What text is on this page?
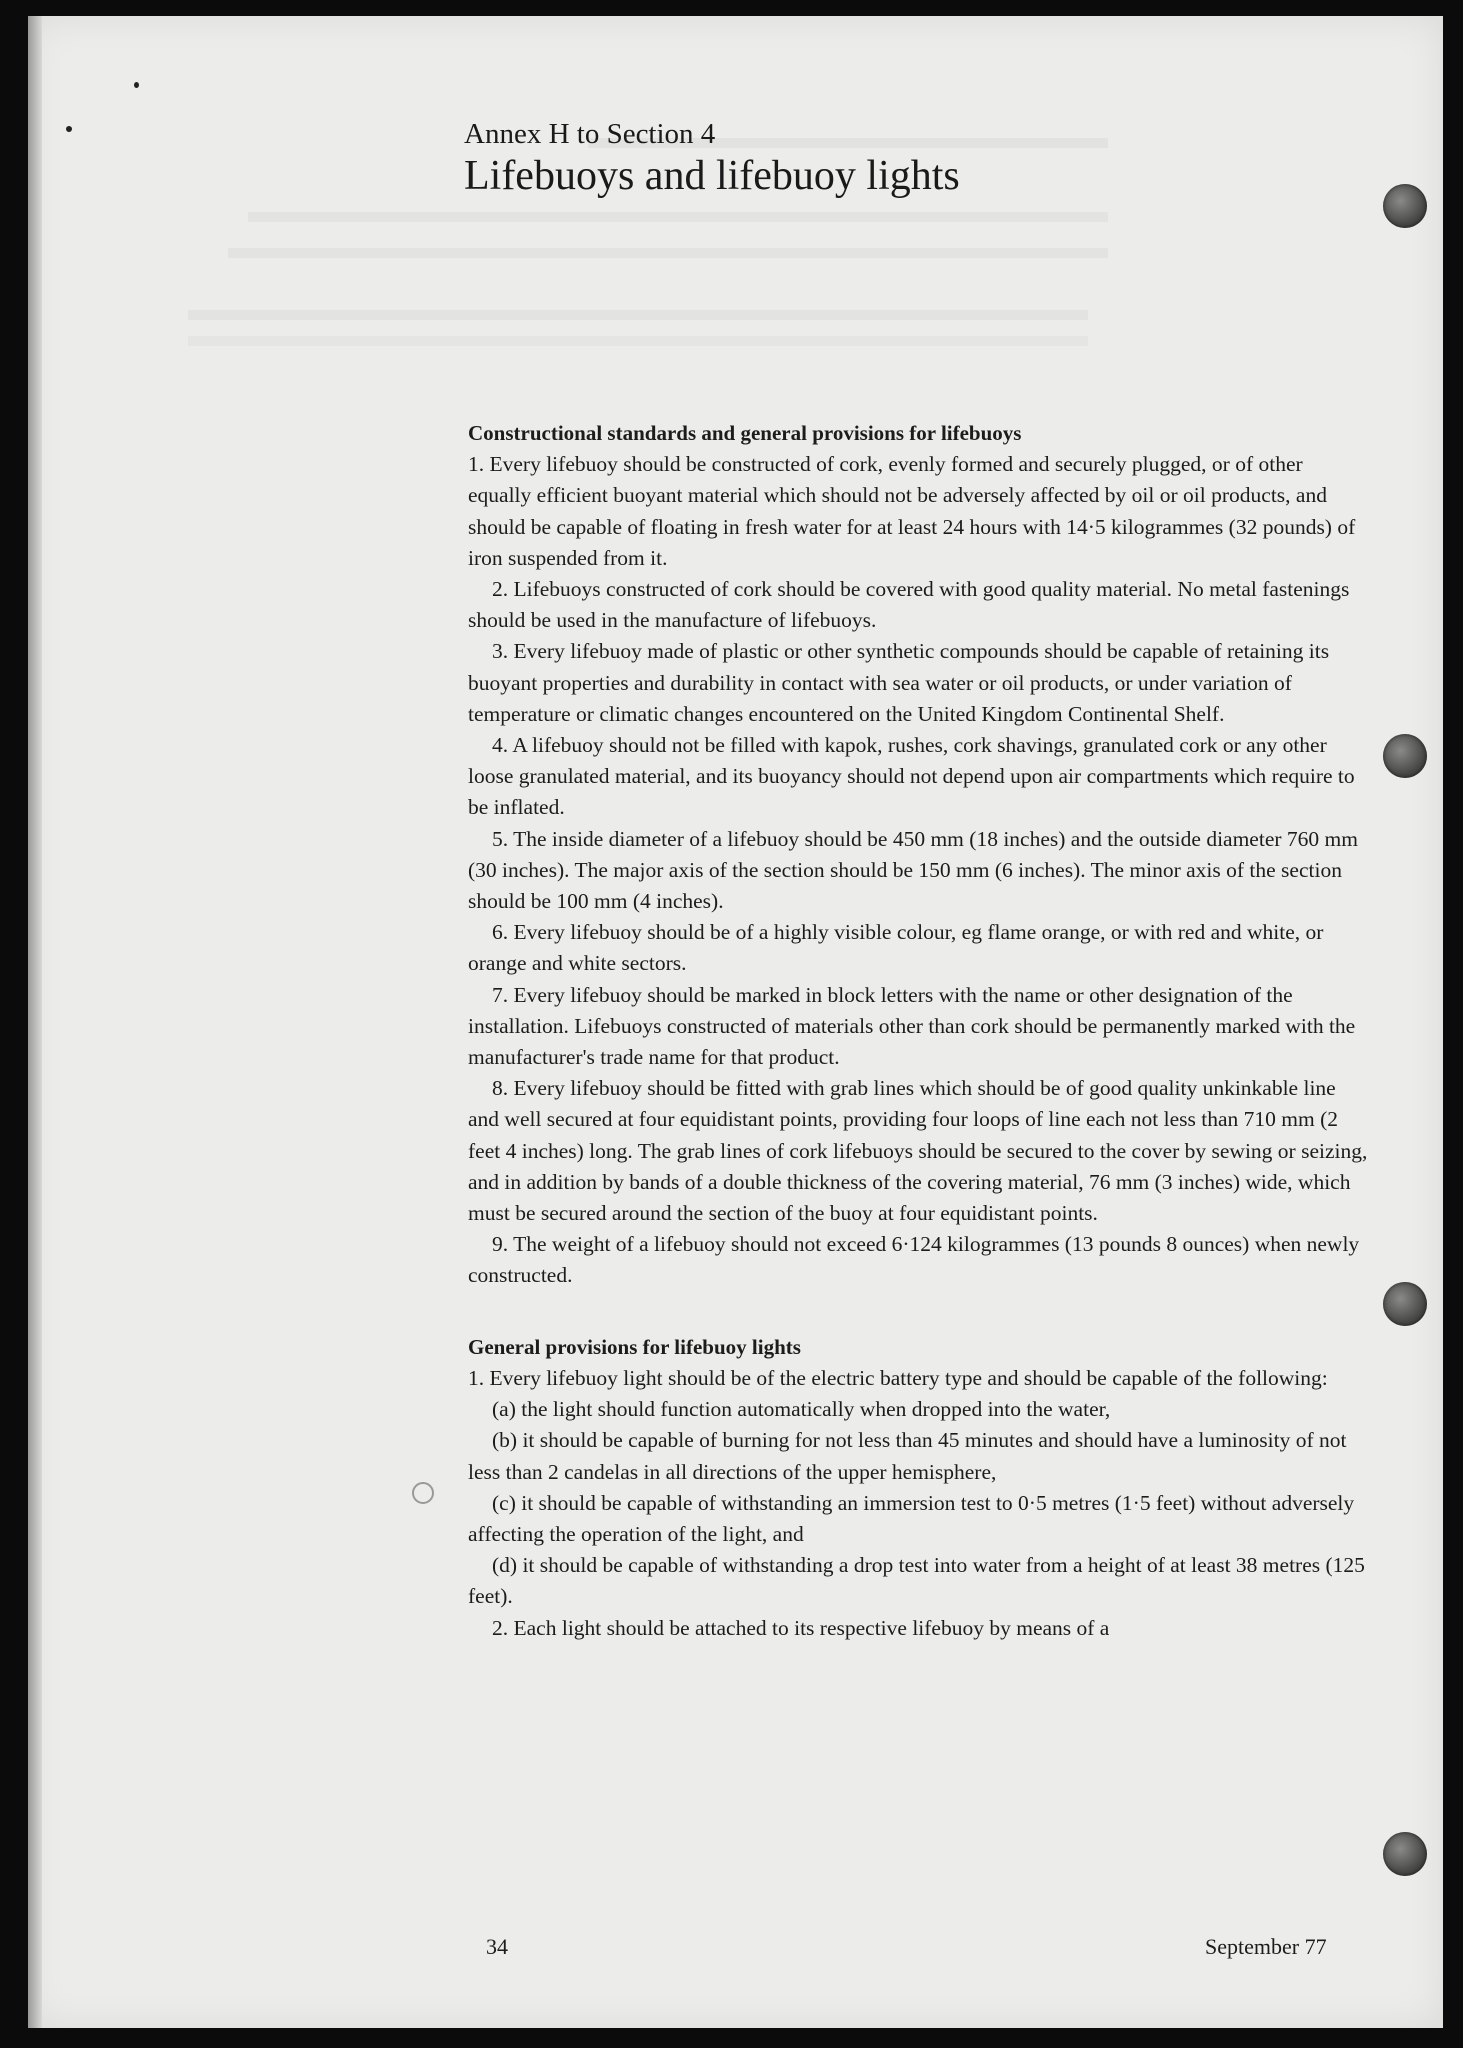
Annex H to Section 4
Lifebuoys and lifebuoy lights

Constructional standards and general provisions for lifebuoys

1. Every lifebuoy should be constructed of cork, evenly formed and securely plugged, or of other equally efficient buoyant material which should not be adversely affected by oil or oil products, and should be capable of floating in fresh water for at least 24 hours with 14·5 kilogrammes (32 pounds) of iron suspended from it.

2. Lifebuoys constructed of cork should be covered with good quality material. No metal fastenings should be used in the manufacture of lifebuoys.

3. Every lifebuoy made of plastic or other synthetic compounds should be capable of retaining its buoyant properties and durability in contact with sea water or oil products, or under variation of temperature or climatic changes encountered on the United Kingdom Continental Shelf.

4. A lifebuoy should not be filled with kapok, rushes, cork shavings, granulated cork or any other loose granulated material, and its buoyancy should not depend upon air compartments which require to be inflated.

5. The inside diameter of a lifebuoy should be 450 mm (18 inches) and the outside diameter 760 mm (30 inches). The major axis of the section should be 150 mm (6 inches). The minor axis of the section should be 100 mm (4 inches).

6. Every lifebuoy should be of a highly visible colour, eg flame orange, or with red and white, or orange and white sectors.

7. Every lifebuoy should be marked in block letters with the name or other designation of the installation. Lifebuoys constructed of materials other than cork should be permanently marked with the manufacturer's trade name for that product.

8. Every lifebuoy should be fitted with grab lines which should be of good quality unkinkable line and well secured at four equidistant points, providing four loops of line each not less than 710 mm (2 feet 4 inches) long. The grab lines of cork lifebuoys should be secured to the cover by sewing or seizing, and in addition by bands of a double thickness of the covering material, 76 mm (3 inches) wide, which must be secured around the section of the buoy at four equidistant points.

9. The weight of a lifebuoy should not exceed 6·124 kilogrammes (13 pounds 8 ounces) when newly constructed.

General provisions for lifebuoy lights

1. Every lifebuoy light should be of the electric battery type and should be capable of the following:

(a) the light should function automatically when dropped into the water,

(b) it should be capable of burning for not less than 45 minutes and should have a luminosity of not less than 2 candelas in all directions of the upper hemisphere,

(c) it should be capable of withstanding an immersion test to 0·5 metres (1·5 feet) without adversely affecting the operation of the light, and

(d) it should be capable of withstanding a drop test into water from a height of at least 38 metres (125 feet).

2. Each light should be attached to its respective lifebuoy by means of a

34	September 77
